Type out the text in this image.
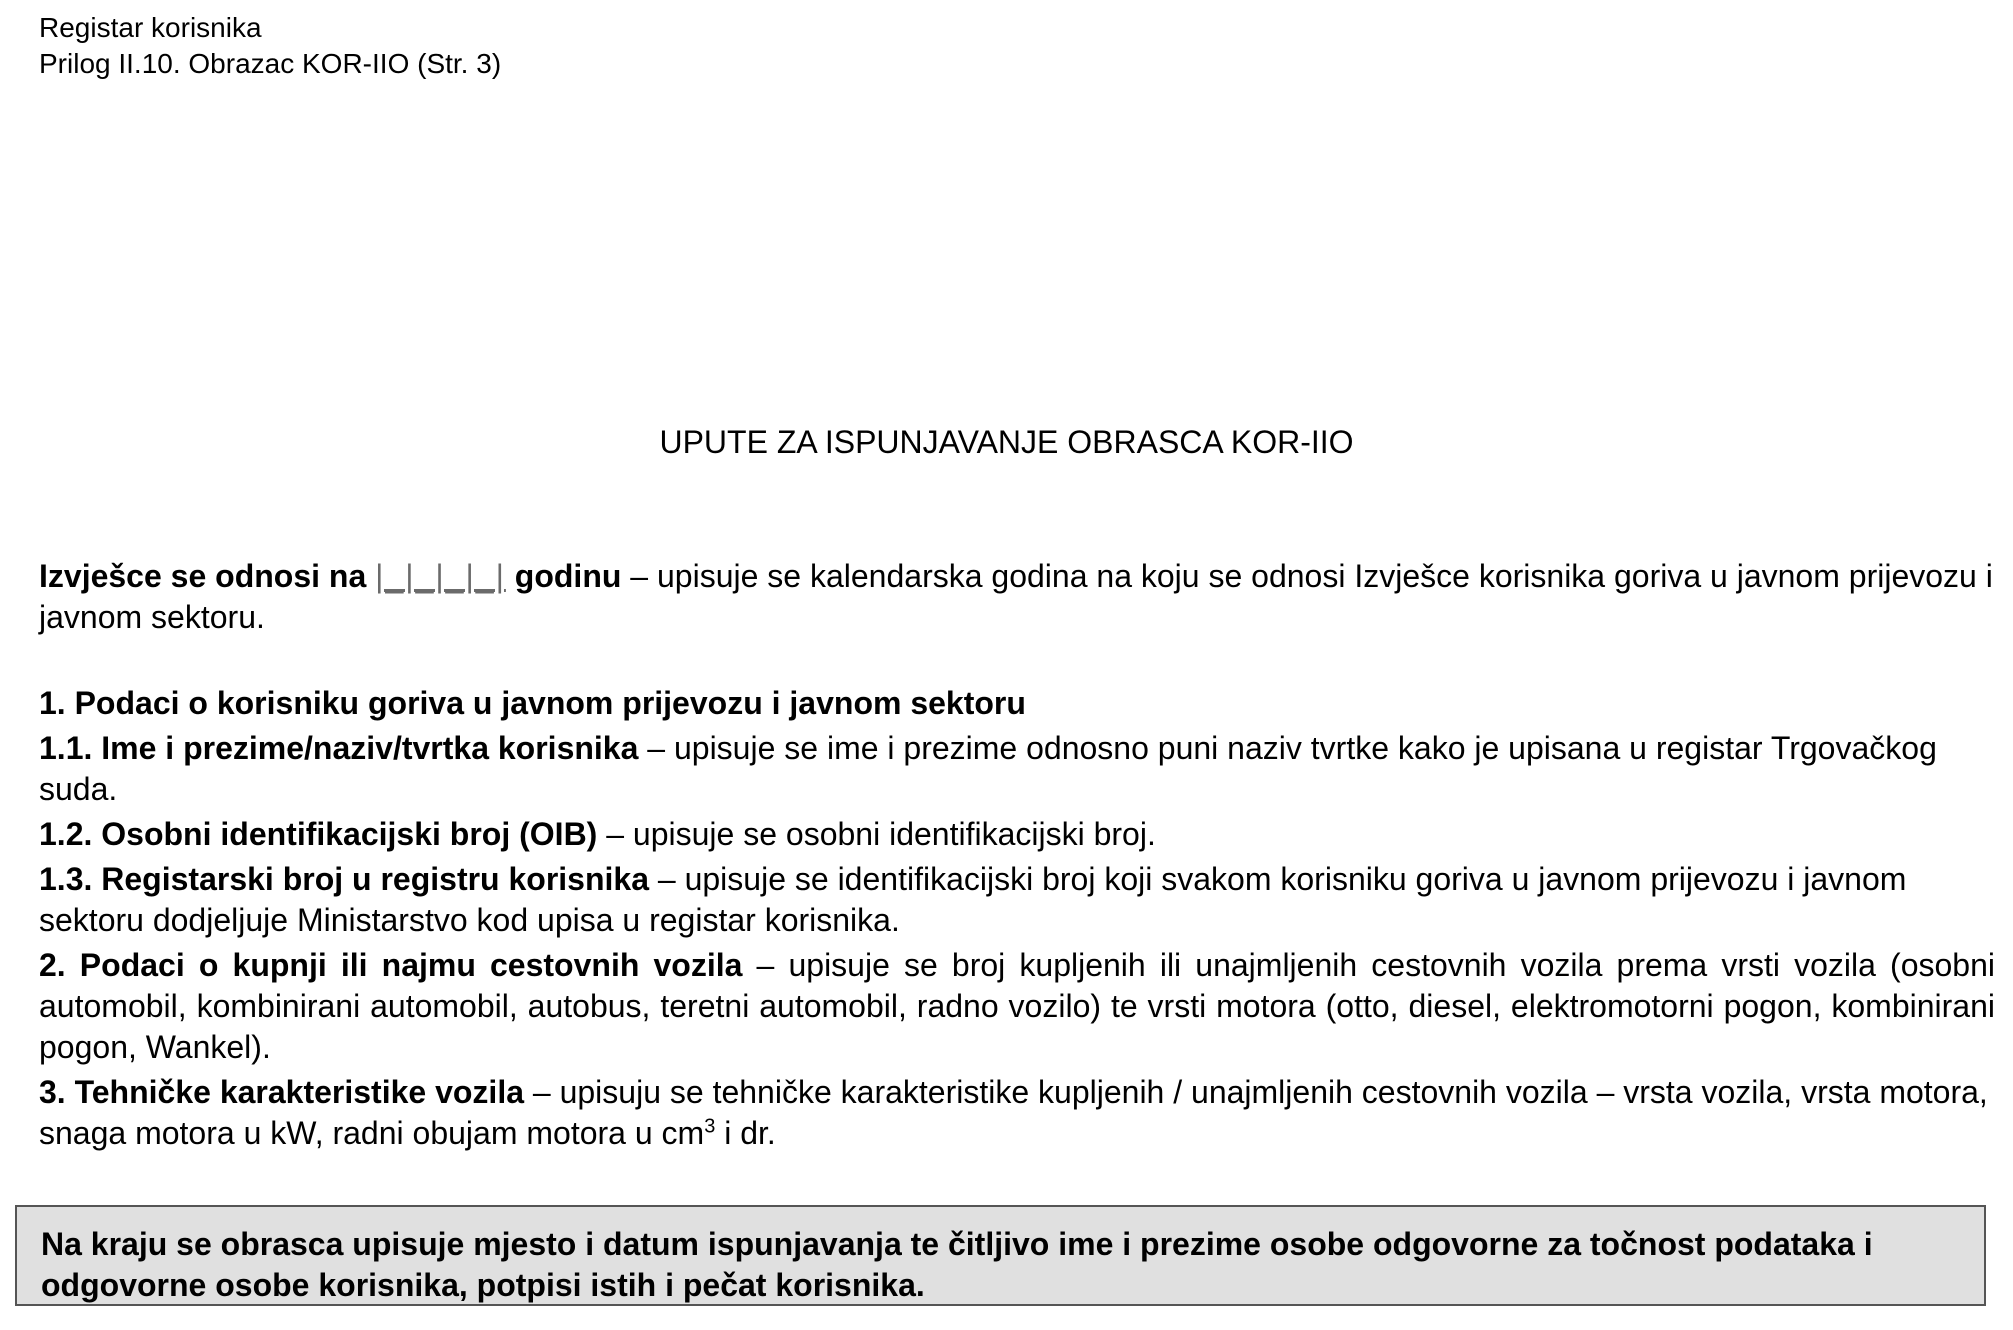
Registar korisnika
Prilog II.10. Obrazac KOR-IIO (Str. 3)
UPUTE ZA ISPUNJAVANJE OBRASCA KOR-IIO

Izvješce se odnosi na |_|_|_|_| godinu – upisuje se kalendarska godina na koju se odnosi Izvješce korisnika goriva u javnom prijevozu i javnom sektoru.

1. Podaci o korisniku goriva u javnom prijevozu i javnom sektoru

1.1. Ime i prezime/naziv/tvrtka korisnika – upisuje se ime i prezime odnosno puni naziv tvrtke kako je upisana u registar Trgovačkog suda.

1.2. Osobni identifikacijski broj (OIB) – upisuje se osobni identifikacijski broj.

1.3. Registarski broj u registru korisnika – upisuje se identifikacijski broj koji svakom korisniku goriva u javnom prijevozu i javnom sektoru dodjeljuje Ministarstvo kod upisa u registar korisnika.

2. Podaci o kupnji ili najmu cestovnih vozila – upisuje se broj kupljenih ili unajmljenih cestovnih vozila prema vrsti vozila (osobni automobil, kombinirani automobil, autobus, teretni automobil, radno vozilo) te vrsti motora (otto, diesel, elektromotorni pogon, kombinirani pogon, Wankel).

3. Tehničke karakteristike vozila – upisuju se tehničke karakteristike kupljenih / unajmljenih cestovnih vozila – vrsta vozila, vrsta motora, snaga motora u kW, radni obujam motora u $cm^3$ i dr.

Na kraju se obrasca upisuje mjesto i datum ispunjavanja te čitljivo ime i prezime osobe odgovorne za točnost podataka i odgovorne osobe korisnika, potpisi istih i pečat korisnika.
